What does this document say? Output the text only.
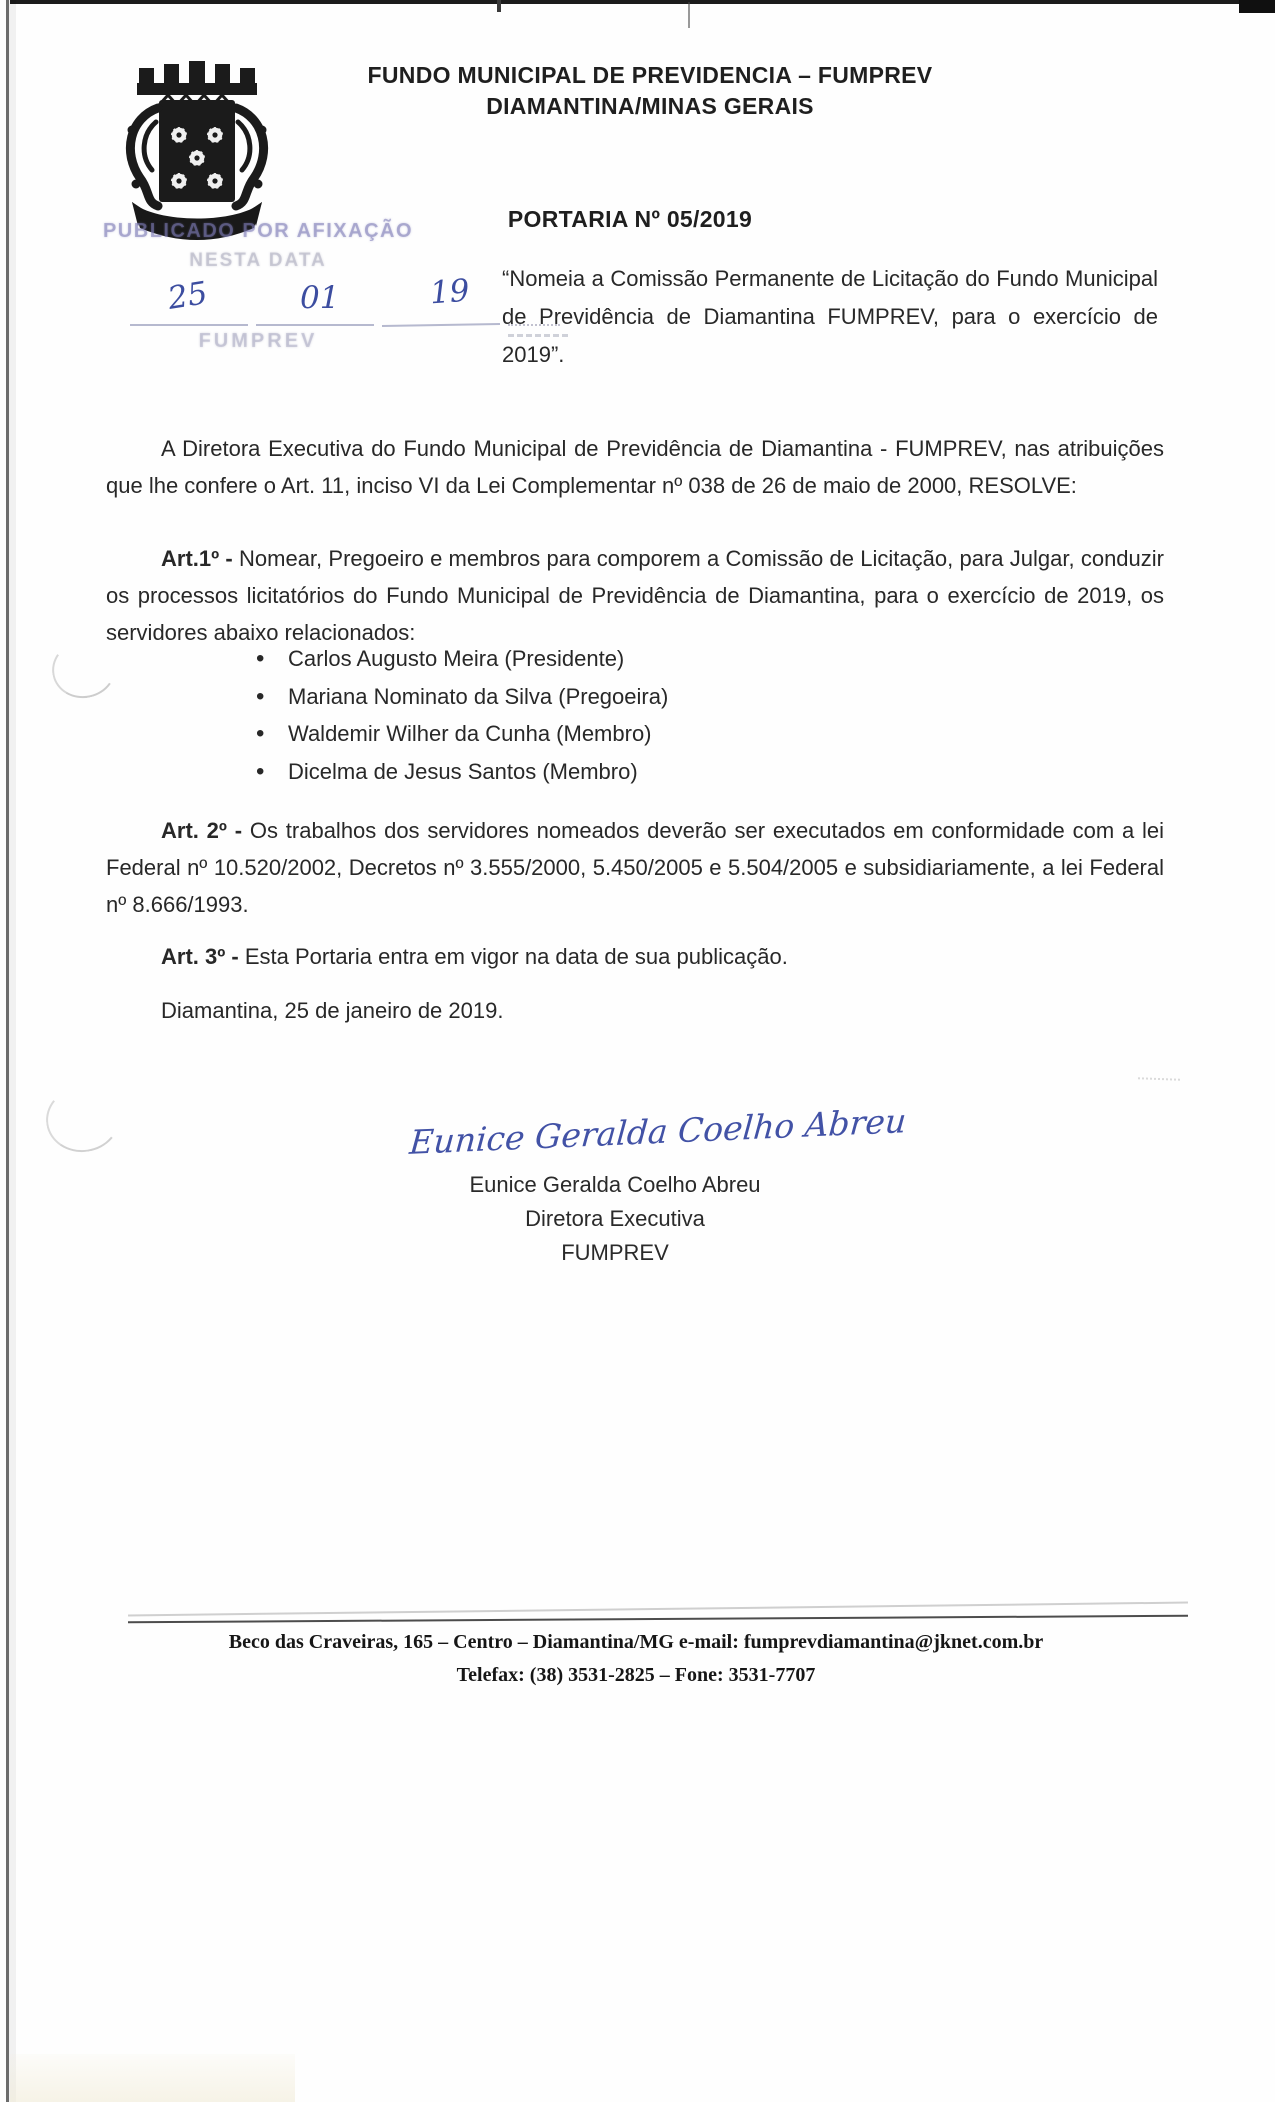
FUNDO MUNICIPAL DE PREVIDENCIA – FUMPREV
DIAMANTINA/MINAS GERAIS
PUBLICADO POR AFIXAÇÃO
NESTA DATA
25	01	19
FUMPREV
PORTARIA Nº 05/2019
“Nomeia a Comissão Permanente de Licitação do Fundo Municipal de Previdência de Diamantina FUMPREV, para o exercício de 2019”.

A Diretora Executiva do Fundo Municipal de Previdência de Diamantina - FUMPREV, nas atribuições que lhe confere o Art. 11, inciso VI da Lei Complementar nº 038 de 26 de maio de 2000, RESOLVE:

Art.1º - Nomear, Pregoeiro e membros para comporem a Comissão de Licitação, para Julgar, conduzir os processos licitatórios do Fundo Municipal de Previdência de Diamantina, para o exercício de 2019, os servidores abaixo relacionados:

• Carlos Augusto Meira (Presidente)
• Mariana Nominato da Silva (Pregoeira)
• Waldemir Wilher da Cunha (Membro)
• Dicelma de Jesus Santos (Membro)

Art. 2º - Os trabalhos dos servidores nomeados deverão ser executados em conformidade com a lei Federal nº 10.520/2002, Decretos nº 3.555/2000, 5.450/2005 e 5.504/2005 e subsidiariamente, a lei Federal nº 8.666/1993.

Art. 3º - Esta Portaria entra em vigor na data de sua publicação.

Diamantina, 25 de janeiro de 2019.
Eunice Geralda Coelho Abreu
Eunice Geralda Coelho Abreu
Diretora Executiva
FUMPREV
Beco das Craveiras, 165 – Centro – Diamantina/MG e-mail: fumprevdiamantina@jknet.com.br
Telefax: (38) 3531-2825 – Fone: 3531-7707
